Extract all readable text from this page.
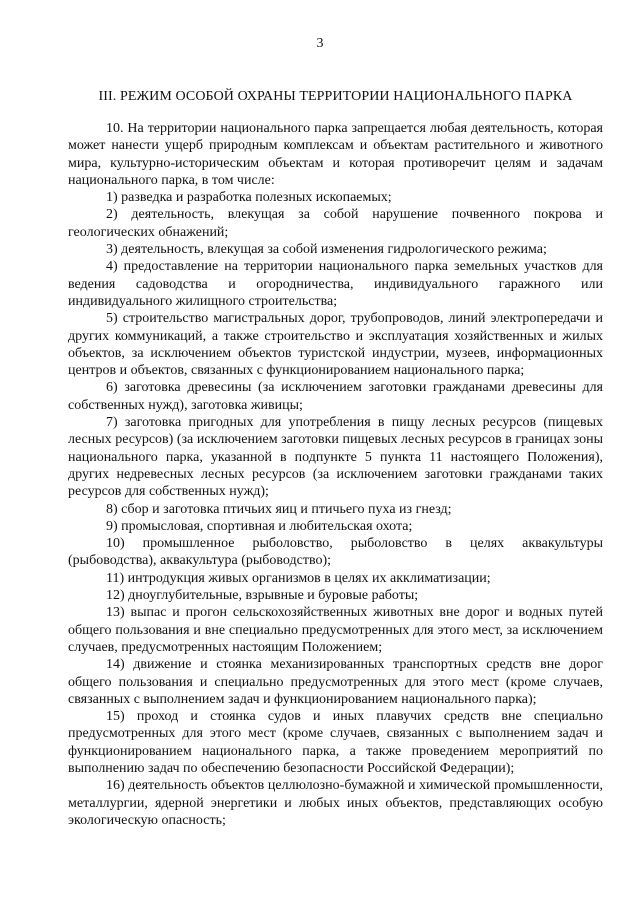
3
III. РЕЖИМ ОСОБОЙ ОХРАНЫ ТЕРРИТОРИИ НАЦИОНАЛЬНОГО ПАРКА

10. На территории национального парка запрещается любая деятельность, которая может нанести ущерб природным комплексам и объектам растительного и животного мира, культурно-историческим объектам и которая противоречит целям и задачам национального парка, в том числе:

1) разведка и разработка полезных ископаемых;

2) деятельность, влекущая за собой нарушение почвенного покрова и геологических обнажений;

3) деятельность, влекущая за собой изменения гидрологического режима;

4) предоставление на территории национального парка земельных участков для ведения садоводства и огородничества, индивидуального гаражного или индивидуального жилищного строительства;

5) строительство магистральных дорог, трубопроводов, линий электропередачи и других коммуникаций, а также строительство и эксплуатация хозяйственных и жилых объектов, за исключением объектов туристской индустрии, музеев, информационных центров и объектов, связанных с функционированием национального парка;

6) заготовка древесины (за исключением заготовки гражданами древесины для собственных нужд), заготовка живицы;

7) заготовка пригодных для употребления в пищу лесных ресурсов (пищевых лесных ресурсов) (за исключением заготовки пищевых лесных ресурсов в границах зоны национального парка, указанной в подпункте 5 пункта 11 настоящего Положения), других недревесных лесных ресурсов (за исключением заготовки гражданами таких ресурсов для собственных нужд);

8) сбор и заготовка птичьих яиц и птичьего пуха из гнезд;

9) промысловая, спортивная и любительская охота;

10) промышленное рыболовство, рыболовство в целях аквакультуры (рыбоводства), аквакультура (рыбоводство);

11) интродукция живых организмов в целях их акклиматизации;

12) дноуглубительные, взрывные и буровые работы;

13) выпас и прогон сельскохозяйственных животных вне дорог и водных путей общего пользования и вне специально предусмотренных для этого мест, за исключением случаев, предусмотренных настоящим Положением;

14) движение и стоянка механизированных транспортных средств вне дорог общего пользования и специально предусмотренных для этого мест (кроме случаев, связанных с выполнением задач и функционированием национального парка);

15) проход и стоянка судов и иных плавучих средств вне специально предусмотренных для этого мест (кроме случаев, связанных с выполнением задач и функционированием национального парка, а также проведением мероприятий по выполнению задач по обеспечению безопасности Российской Федерации);

16) деятельность объектов целлюлозно-бумажной и химической промышленности, металлургии, ядерной энергетики и любых иных объектов, представляющих особую экологическую опасность;
